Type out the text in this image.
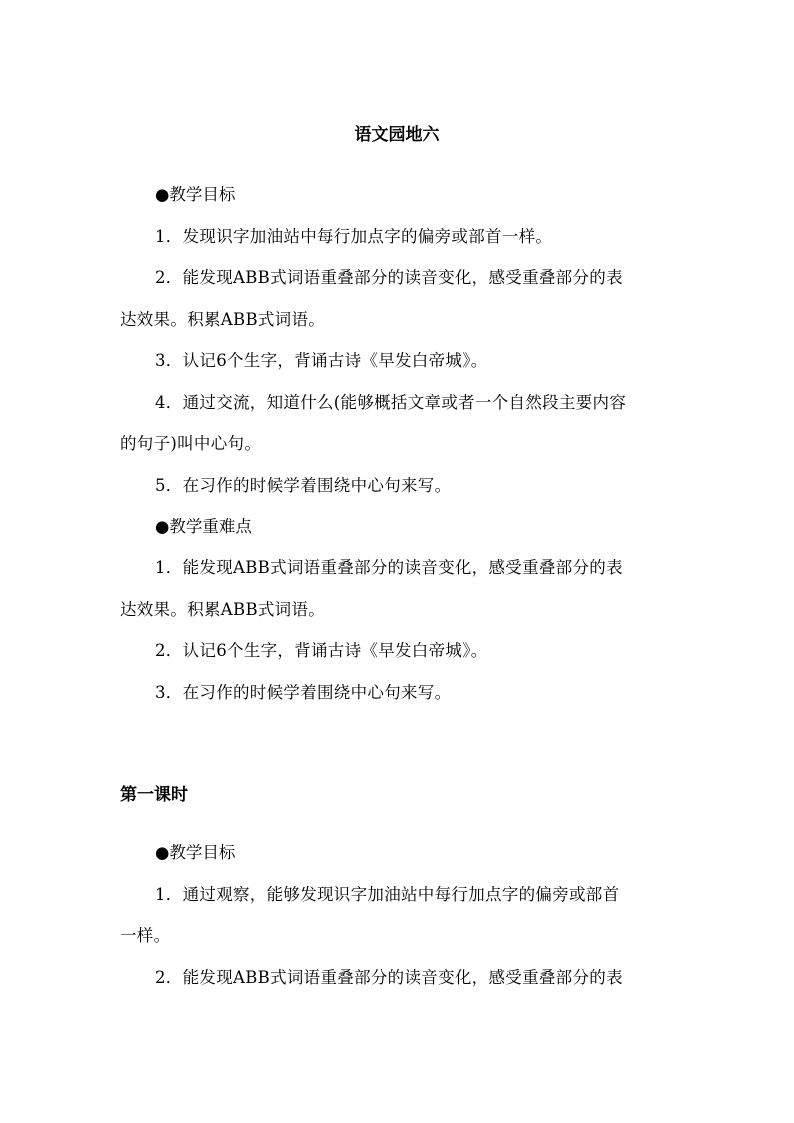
语文园地六
●教学目标
1．发现识字加油站中每行加点字的偏旁或部首一样。
2．能发现ABB式词语重叠部分的读音变化，感受重叠部分的表
达效果。积累ABB式词语。
3．认记6个生字，背诵古诗《早发白帝城》。
4．通过交流，知道什么(能够概括文章或者一个自然段主要内容
的句子)叫中心句。
5．在习作的时候学着围绕中心句来写。
●教学重难点
1．能发现ABB式词语重叠部分的读音变化，感受重叠部分的表
达效果。积累ABB式词语。
2．认记6个生字，背诵古诗《早发白帝城》。
3．在习作的时候学着围绕中心句来写。
第一课时
●教学目标
1．通过观察，能够发现识字加油站中每行加点字的偏旁或部首
一样。
2．能发现ABB式词语重叠部分的读音变化，感受重叠部分的表
